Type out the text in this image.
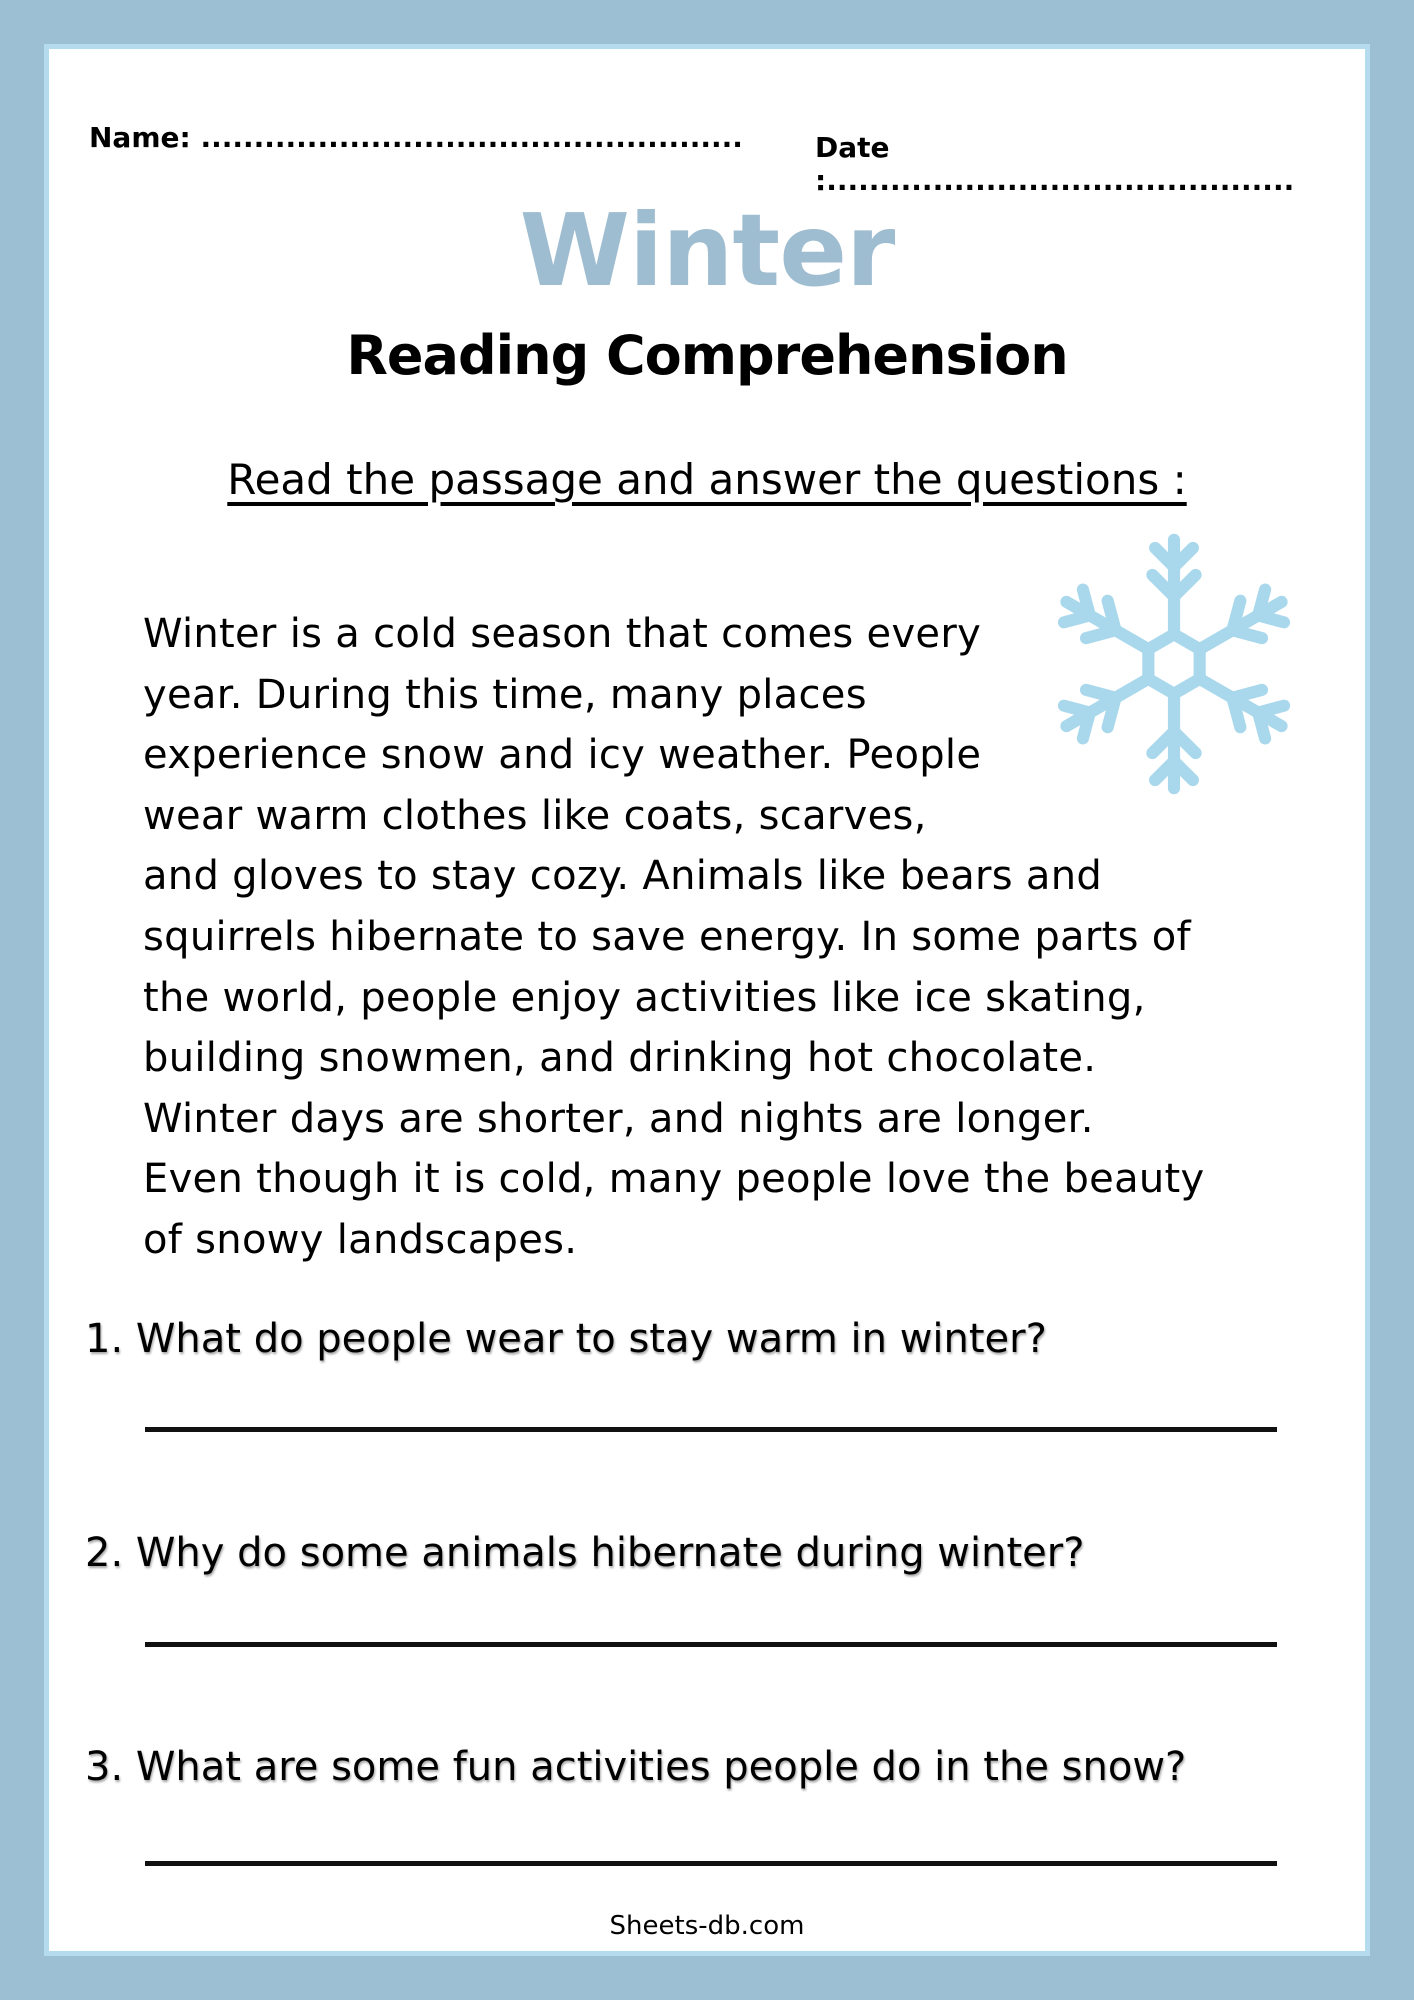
Name: ...................................................	Date :............................................
Winter
Reading Comprehension
Read the passage and answer the questions :
Winter is a cold season that comes every
year. During this time, many places
experience snow and icy weather. People
wear warm clothes like coats, scarves,
and gloves to stay cozy. Animals like bears and
squirrels hibernate to save energy. In some parts of
the world, people enjoy activities like ice skating,
building snowmen, and drinking hot chocolate.
Winter days are shorter, and nights are longer.
Even though it is cold, many people love the beauty
of snowy landscapes.
1. What do people wear to stay warm in winter?
2. Why do some animals hibernate during winter?
3. What are some fun activities people do in the snow?
Sheets-db.com
